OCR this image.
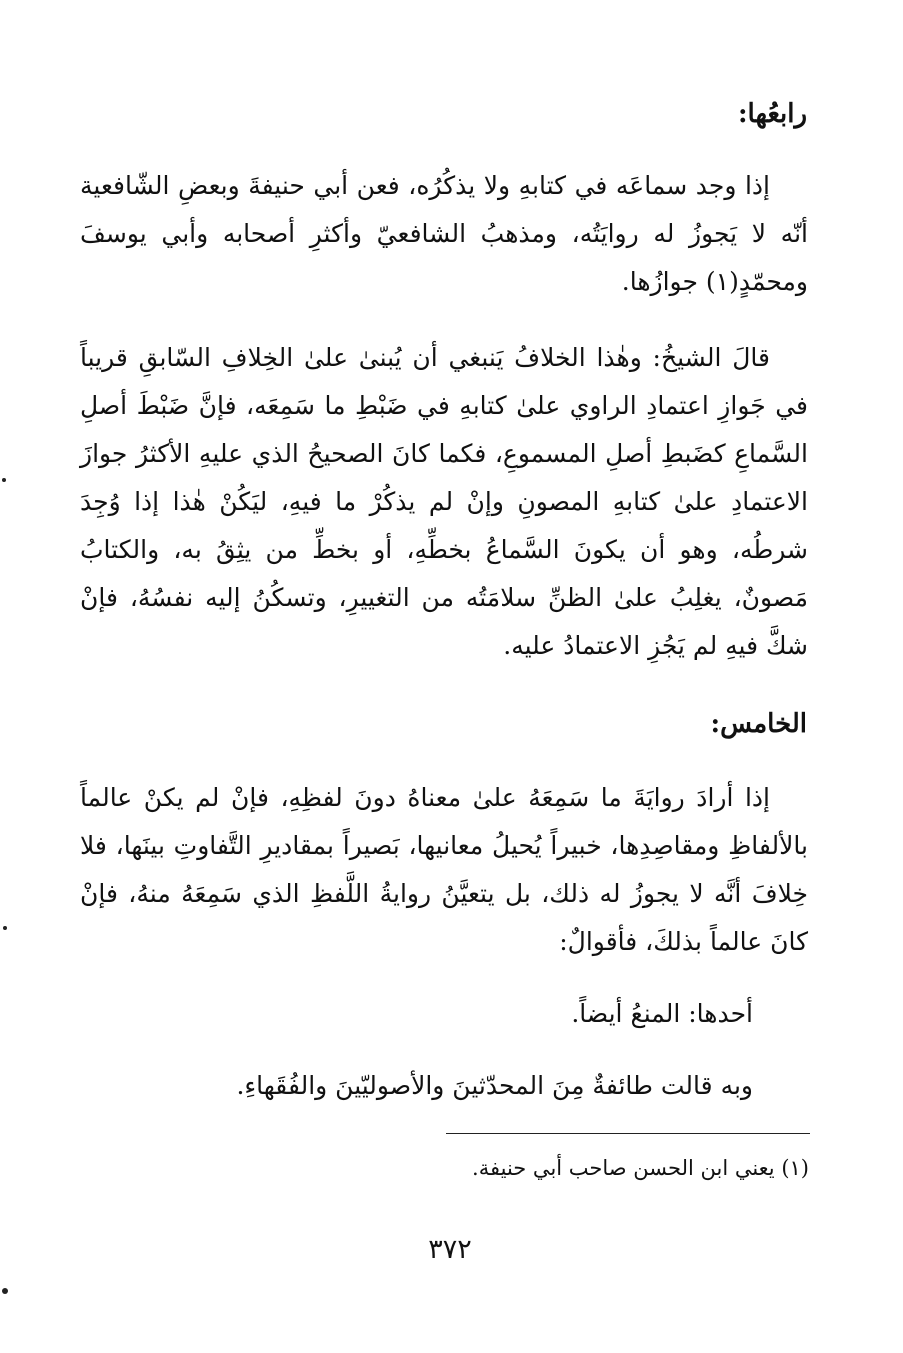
رابعُها:

إذا وجد سماعَه في كتابهِ ولا يذكُرُه، فعن أبي حنيفةَ وبعضِ الشّافعية أنّه لا يَجوزُ له روايَتُه، ومذهبُ الشافعيّ وأكثرِ أصحابه وأبي يوسفَ ومحمّدٍ(١) جوازُها.

قالَ الشيخُ: وهٰذا الخلافُ يَنبغي أن يُبنىٰ علىٰ الخِلافِ السّابقِ قريباً في جَوازِ اعتمادِ الراوي علىٰ كتابهِ في ضَبْطِ ما سَمِعَه، فإنَّ ضَبْطَ أصلِ السَّماعِ كضَبطِ أصلِ المسموعِ، فكما كانَ الصحيحُ الذي عليهِ الأكثرُ جوازَ الاعتمادِ علىٰ كتابهِ المصونِ وإنْ لم يذكُرْ ما فيهِ، ليَكُنْ هٰذا إذا وُجِدَ شرطُه، وهو أن يكونَ السَّماعُ بخطِّهِ، أو بخطِّ من يثِقُ به، والكتابُ مَصونٌ، يغلِبُ علىٰ الظنِّ سلامَتُه من التغييرِ، وتسكُنُ إليه نفسُهُ، فإنْ شكَّ فيهِ لم يَجُزِ الاعتمادُ عليه.

الخامس:

إذا أرادَ روايَةَ ما سَمِعَهُ علىٰ معناهُ دونَ لفظِهِ، فإنْ لم يكنْ عالماً بالألفاظِ ومقاصِدِها، خبيراً يُحيلُ معانيها، بَصيراً بمقاديرِ التَّفاوتِ بينَها، فلا خِلافَ أنَّه لا يجوزُ له ذلك، بل يتعيَّنُ روايةُ اللَّفظِ الذي سَمِعَهُ منهُ، فإنْ كانَ عالماً بذلكَ، فأقوالٌ:

أحدها: المنعُ أيضاً.
وبه قالت طائفةٌ مِنَ المحدّثينَ والأصوليّينَ والفُقَهاءِ.
(١) يعني ابن الحسن صاحب أبي حنيفة.
٣٧٢
